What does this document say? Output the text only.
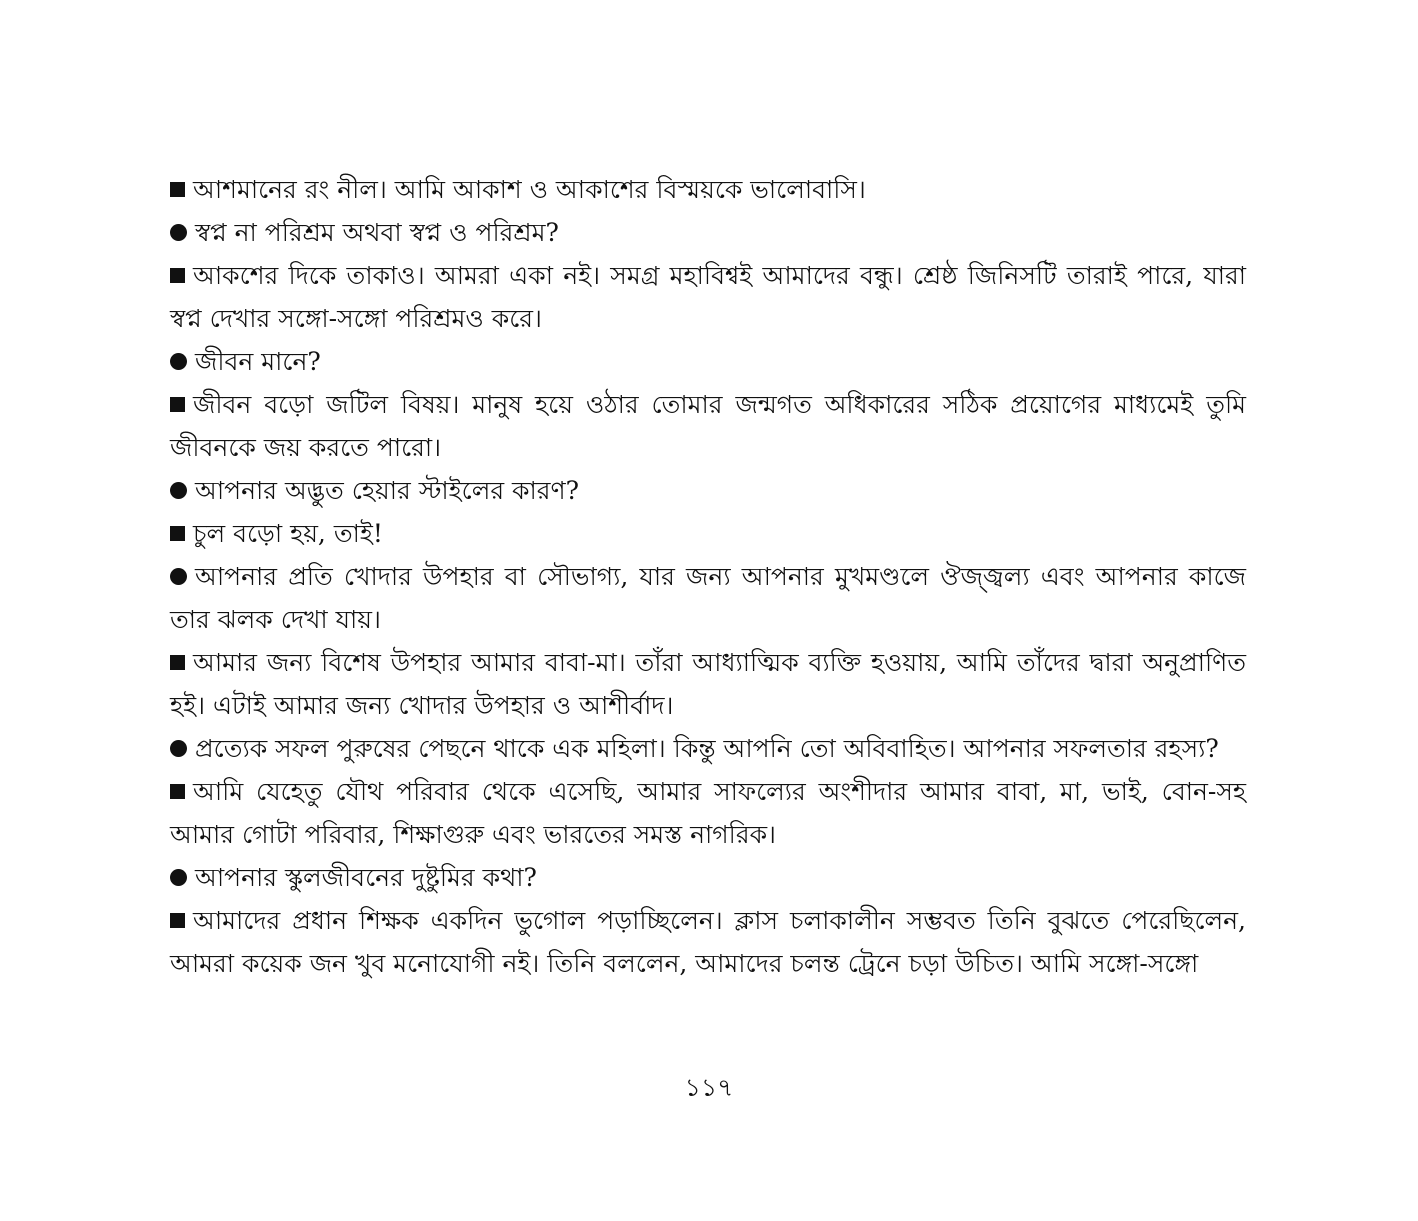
আশমানের রং নীল। আমি আকাশ ও আকাশের বিস্ময়কে ভালোবাসি।

স্বপ্ন না পরিশ্রম অথবা স্বপ্ন ও পরিশ্রম?

আকশের দিকে তাকাও। আমরা একা নই। সমগ্র মহাবিশ্বই আমাদের বন্ধু। শ্রেষ্ঠ জিনিসটি তারাই পারে, যারা স্বপ্ন দেখার সঙ্গো-সঙ্গো পরিশ্রমও করে।

জীবন মানে?

জীবন বড়ো জটিল বিষয়। মানুষ হয়ে ওঠার তোমার জন্মগত অধিকারের সঠিক প্রয়োগের মাধ্যমেই তুমি জীবনকে জয় করতে পারো।

আপনার অদ্ভুত হেয়ার স্টাইলের কারণ?

চুল বড়ো হয়, তাই!

আপনার প্রতি খোদার উপহার বা সৌভাগ্য, যার জন্য আপনার মুখমণ্ডলে ঔজ্জ্বল্য এবং আপনার কাজে তার ঝলক দেখা যায়।

আমার জন্য বিশেষ উপহার আমার বাবা-মা। তাঁরা আধ্যাত্মিক ব্যক্তি হওয়ায়, আমি তাঁদের দ্বারা অনুপ্রাণিত হই। এটাই আমার জন্য খোদার উপহার ও আশীর্বাদ।

প্রত্যেক সফল পুরুষের পেছনে থাকে এক মহিলা। কিন্তু আপনি তো অবিবাহিত। আপনার সফলতার রহস্য?

আমি যেহেতু যৌথ পরিবার থেকে এসেছি, আমার সাফল্যের অংশীদার আমার বাবা, মা, ভাই, বোন-সহ আমার গোটা পরিবার, শিক্ষাগুরু এবং ভারতের সমস্ত নাগরিক।

আপনার স্কুলজীবনের দুষ্টুমির কথা?

আমাদের প্রধান শিক্ষক একদিন ভুগোল পড়াচ্ছিলেন। ক্লাস চলাকালীন সম্ভবত তিনি বুঝতে পেরেছিলেন, আমরা কয়েক জন খুব মনোযোগী নই। তিনি বললেন, আমাদের চলন্ত ট্রেনে চড়া উচিত। আমি সঙ্গো-সঙ্গো

১১৭
